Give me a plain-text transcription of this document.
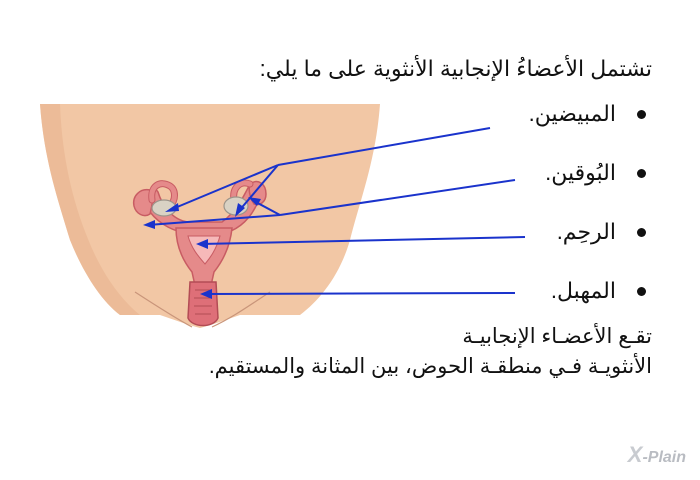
تشتمل الأعضاءُ الإنجابية الأنثوية على ما يلي:
المبيضين.
البُوقين.
الرحِم.
المهبل.
تقـع الأعضـاء الإنجابيـة
الأنثويـة فـي منطقـة الحوض، بين المثانة والمستقيم.
X-Plain
